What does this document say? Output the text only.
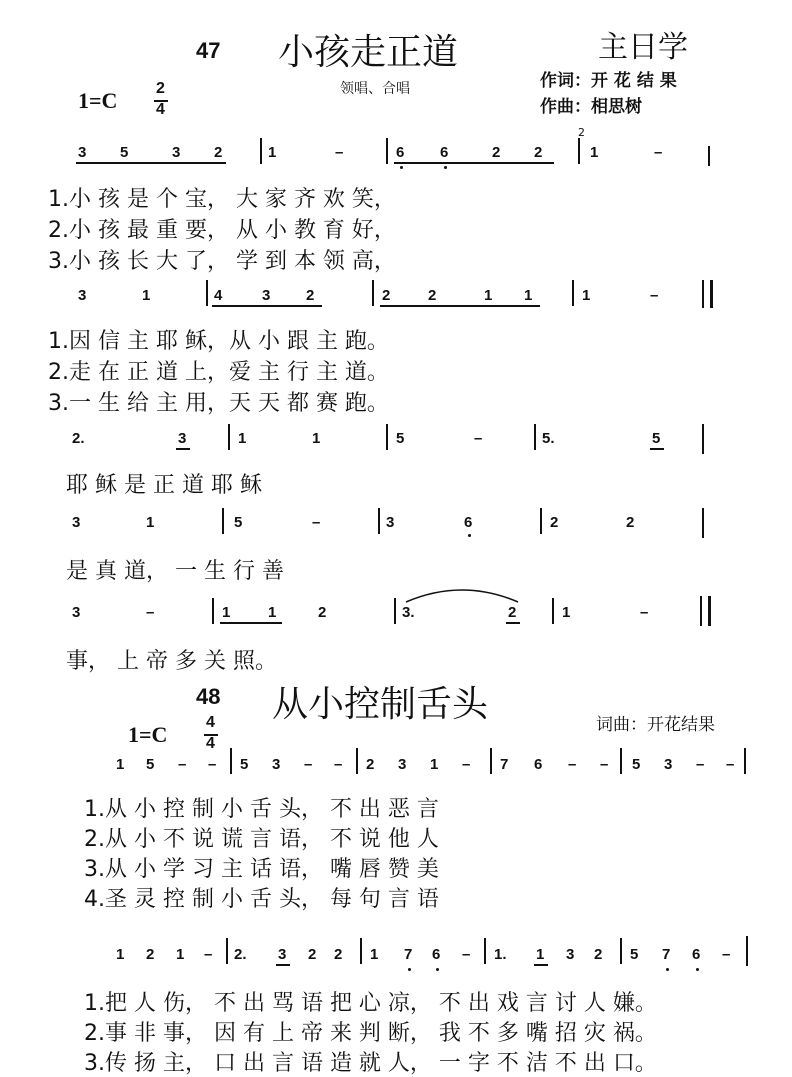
47 小孩走正道	主日学
领唱、合唱	作词：开 花 结 果
作曲：相思树
1=C 2
4
3 5	3 2	1	–	6 6	2 2	1	–
2
1.小 孩 是 个 宝， 大 家 齐 欢 笑，
2.小 孩 最 重 要， 从 小 教 育 好，
3.小 孩 长 大 了， 学 到 本 领 高，
3	1	4	3 2	2	2	1 1	1	–
1.因 信 主 耶 稣，从 小 跟 主 跑。
2.走 在 正 道 上，爱 主 行 主 道。
3.一 生 给 主 用，天 天 都 赛 跑。
2.	3	1	1	5	–	5.	5
耶 稣 是 正 道 耶 稣
3	1	5	–	3	6	2	2
是 真 道， 一 生 行 善
3	–	1	1	2	3.	2	1	–
事， 上 帝 多 关 照。
48 从小控制舌头	词曲：开花结果
1=C 4
4
1 5 – – 5 3 – – 2 3 1 – 7 6 – – 5 3 – –
1.从 小 控 制 小 舌 头， 不 出 恶 言
2.从 小 不 说 谎 言 语， 不 说 他 人
3.从 小 学 习 主 话 语， 嘴 唇 赞 美
4.圣 灵 控 制 小 舌 头， 每 句 言 语
1 2 1 – 2. 3 2 2 1 7 6 – 1. 1 3 2 5 7 6 –
1.把 人 伤， 不 出 骂 语 把 心 凉， 不 出 戏 言 讨 人 嫌。
2.事 非 事， 因 有 上 帝 来 判 断， 我 不 多 嘴 招 灾 祸。
3.传 扬 主， 口 出 言 语 造 就 人， 一 字 不 洁 不 出 口。
